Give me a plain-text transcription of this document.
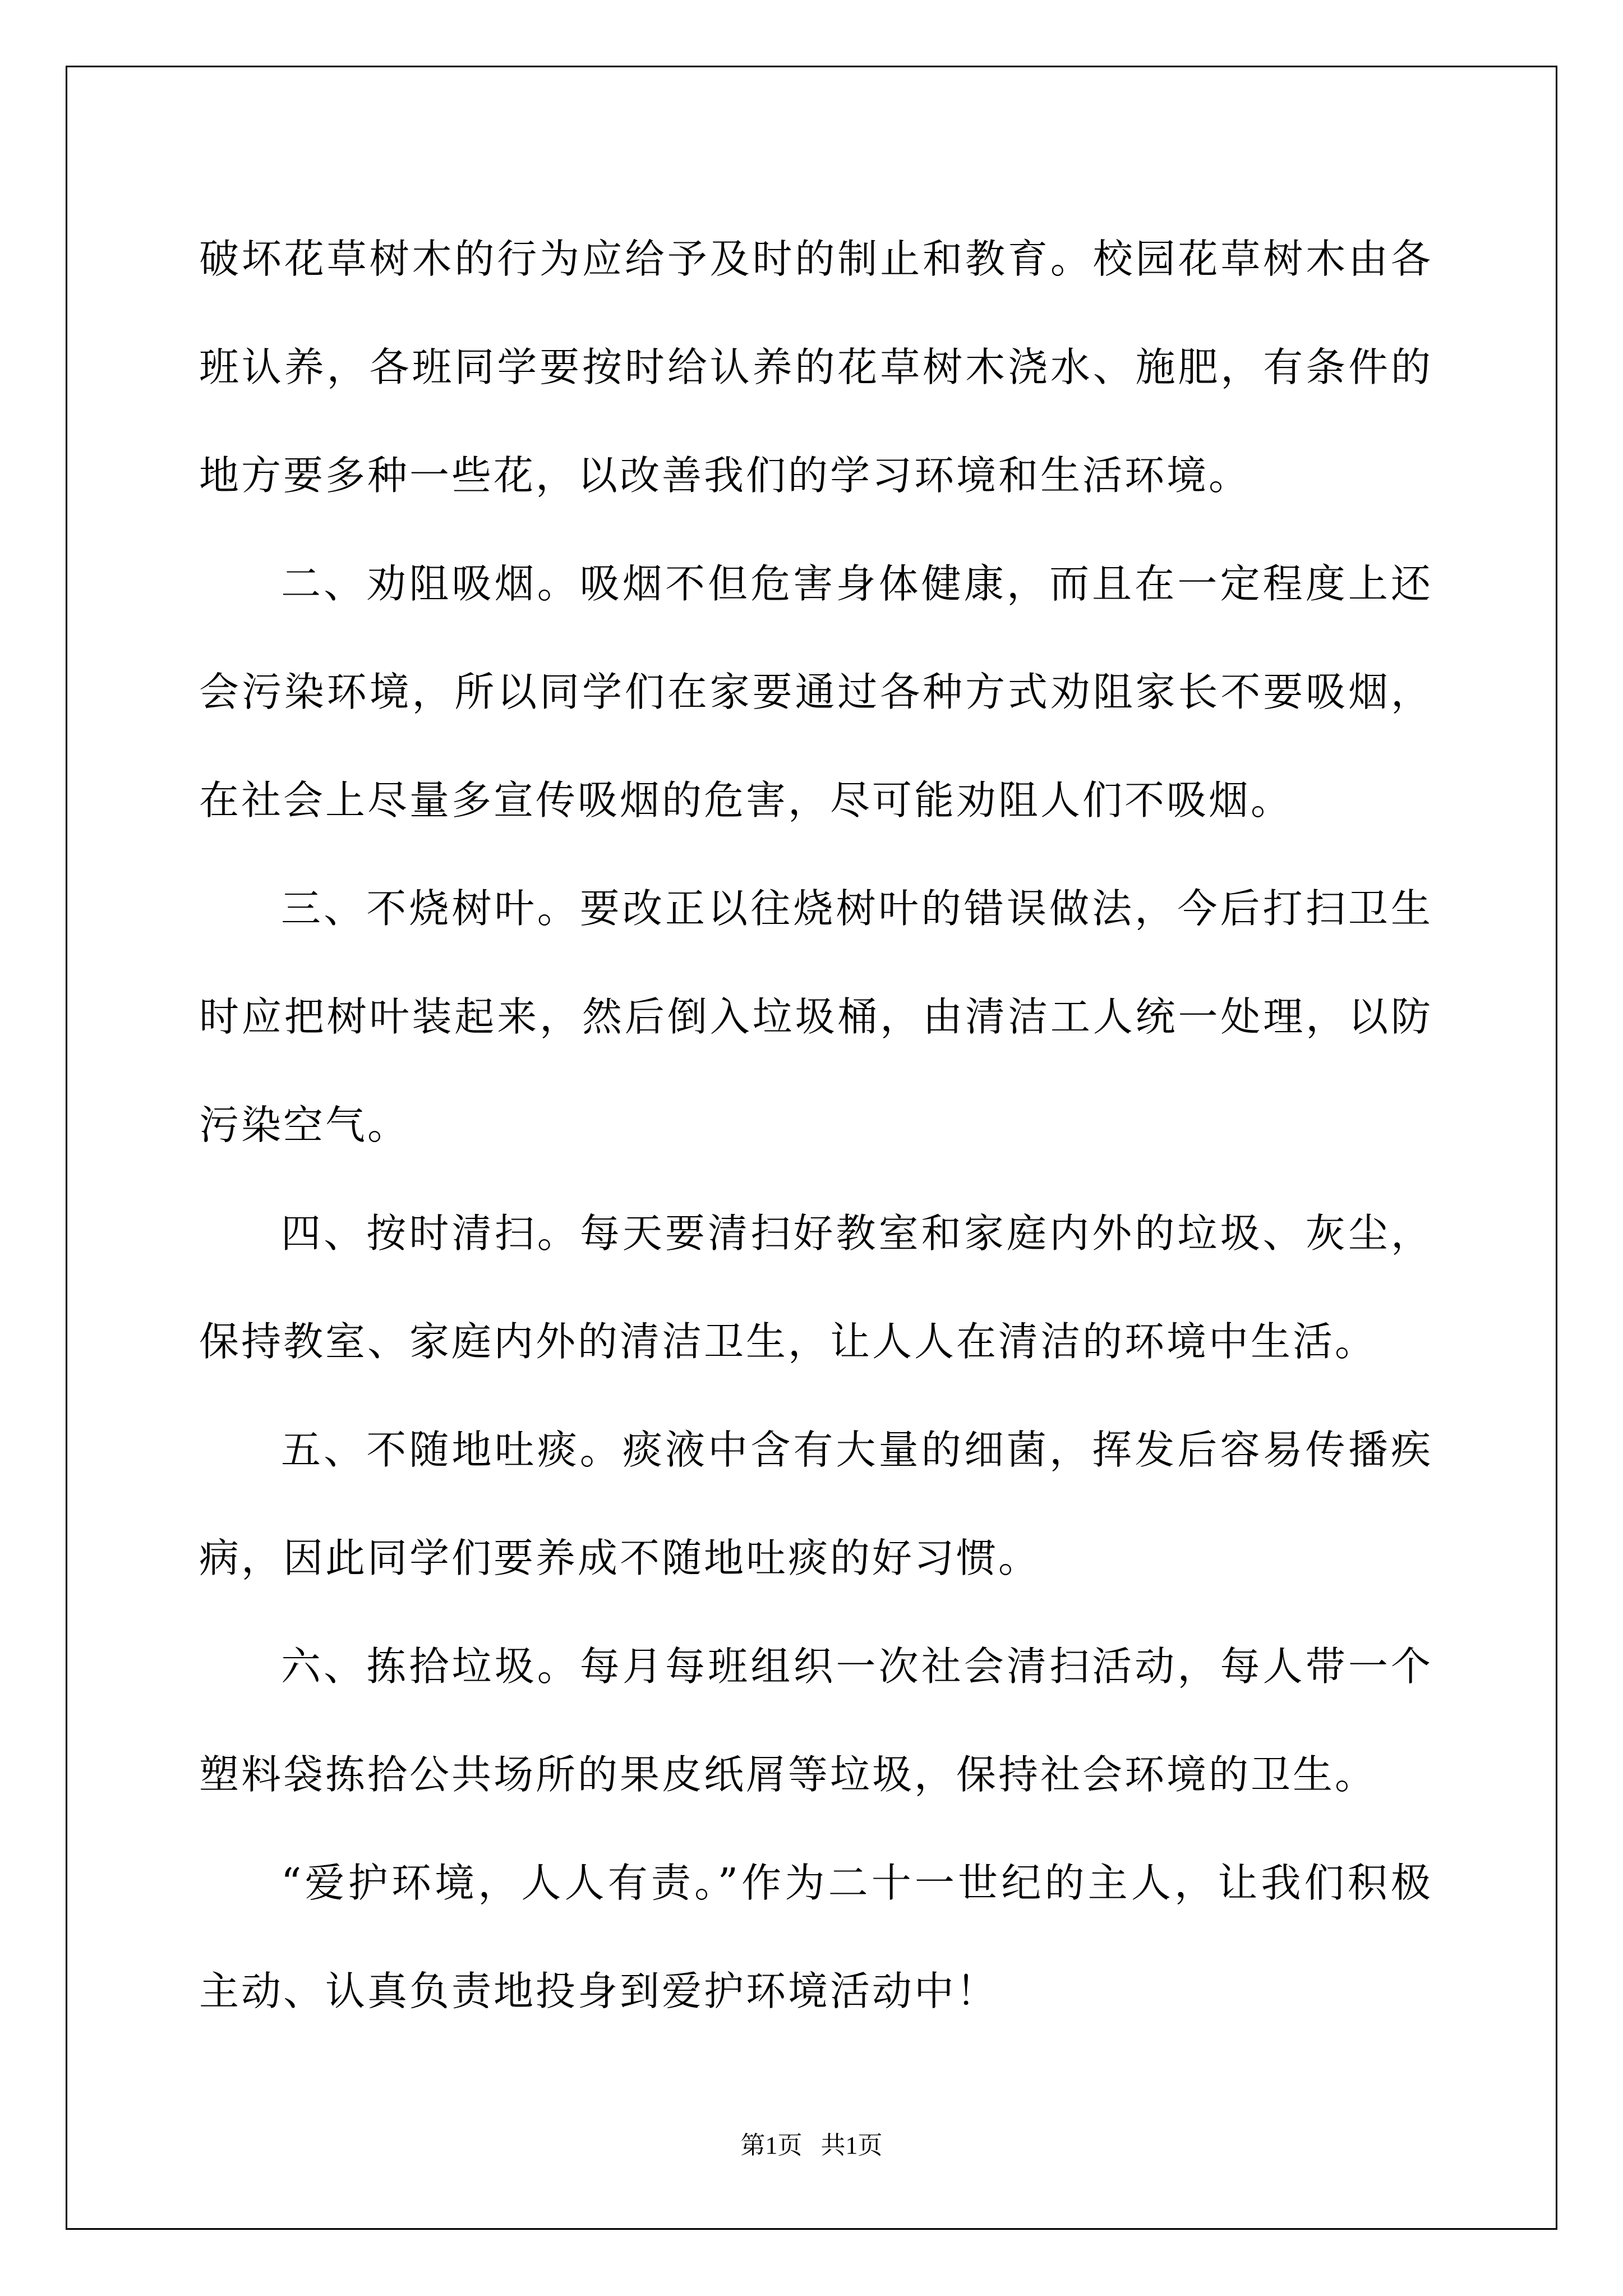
破坏花草树木的行为应给予及时的制止和教育。校园花草树木由各班认养，各班同学要按时给认养的花草树木浇水、施肥，有条件的地方要多种一些花，以改善我们的学习环境和生活环境。

二、劝阻吸烟。吸烟不但危害身体健康，而且在一定程度上还会污染环境，所以同学们在家要通过各种方式劝阻家长不要吸烟，在社会上尽量多宣传吸烟的危害，尽可能劝阻人们不吸烟。

三、不烧树叶。要改正以往烧树叶的错误做法，今后打扫卫生时应把树叶装起来，然后倒入垃圾桶，由清洁工人统一处理，以防污染空气。

四、按时清扫。每天要清扫好教室和家庭内外的垃圾、灰尘，保持教室、家庭内外的清洁卫生，让人人在清洁的环境中生活。

五、不随地吐痰。痰液中含有大量的细菌，挥发后容易传播疾病，因此同学们要养成不随地吐痰的好习惯。

六、拣拾垃圾。每月每班组织一次社会清扫活动，每人带一个塑料袋拣拾公共场所的果皮纸屑等垃圾，保持社会环境的卫生。

“爱护环境，人人有责。”作为二十一世纪的主人，让我们积极主动、认真负责地投身到爱护环境活动中！

第1页   共1页
